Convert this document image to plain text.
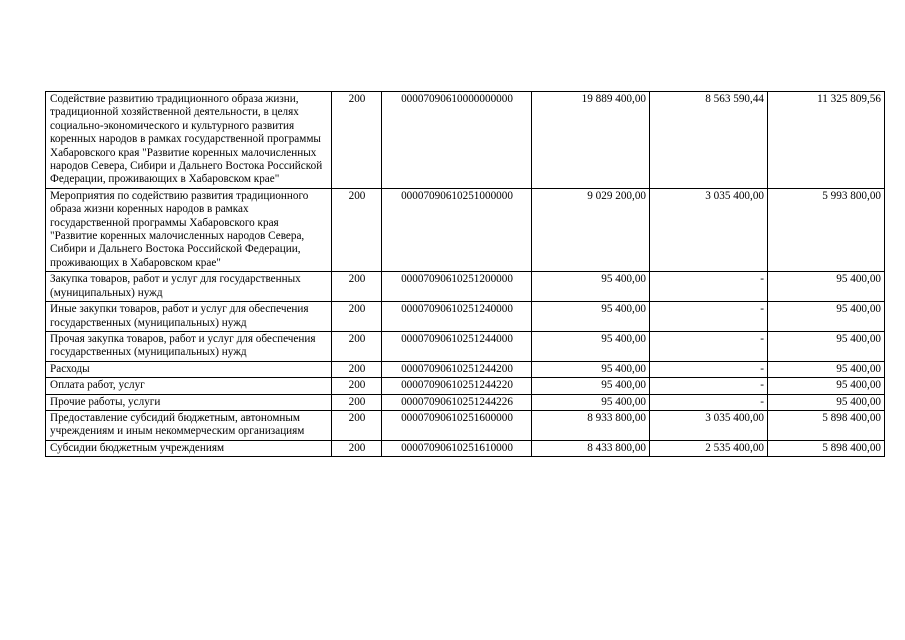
Содействие развитию традиционного образа жизни, традиционной хозяйственной деятельности, в целях социально-экономического и культурного развития коренных народов в рамках государственной программы Хабаровского края "Развитие коренных малочисленных народов Севера, Сибири и Дальнего Востока Российской Федерации, проживающих в Хабаровском крае"	200	00007090610000000000	19 889 400,00	8 563 590,44	11 325 809,56
Мероприятия по содействию развития традиционного образа жизни коренных народов в рамках государственной программы Хабаровского края "Развитие коренных малочисленных народов Севера, Сибири и Дальнего Востока Российской Федерации, проживающих в Хабаровском крае"	200	00007090610251000000	9 029 200,00	3 035 400,00	5 993 800,00
Закупка товаров, работ и услуг для государственных (муниципальных) нужд	200	00007090610251200000	95 400,00	-	95 400,00
Иные закупки товаров, работ и услуг для обеспечения государственных (муниципальных) нужд	200	00007090610251240000	95 400,00	-	95 400,00
Прочая закупка товаров, работ и услуг для обеспечения государственных (муниципальных) нужд	200	00007090610251244000	95 400,00	-	95 400,00
Расходы	200	00007090610251244200	95 400,00	-	95 400,00
Оплата работ, услуг	200	00007090610251244220	95 400,00	-	95 400,00
Прочие работы, услуги	200	00007090610251244226	95 400,00	-	95 400,00
Предоставление субсидий бюджетным, автономным учреждениям и иным некоммерческим организациям	200	00007090610251600000	8 933 800,00	3 035 400,00	5 898 400,00
Субсидии бюджетным учреждениям	200	00007090610251610000	8 433 800,00	2 535 400,00	5 898 400,00
